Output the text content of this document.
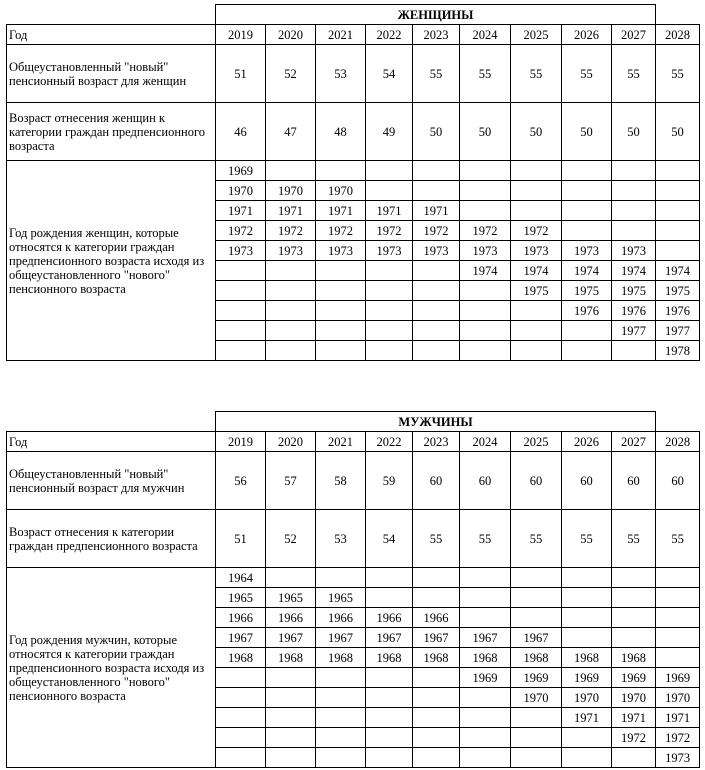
	ЖЕНЩИНЫ									
Год	2019	2020	2021	2022	2023	2024	2025	2026	2027	2028
Общеустановленный "новый" пенсионный возраст для женщин	51	52	53	54	55	55	55	55	55	55
Возраст отнесения женщин к категории граждан предпенсионного возраста	46	47	48	49	50	50	50	50	50	50
Год рождения женщин, которые относятся к категории граждан предпенсионного возраста исходя из общеустановленного "нового" пенсионного возраста	1969									
	1970	1970	1970							
	1971	1971	1971	1971	1971					
	1972	1972	1972	1972	1972	1972	1972			
	1973	1973	1973	1973	1973	1973	1973	1973	1973	
						1974	1974	1974	1974	1974
							1975	1975	1975	1975
								1976	1976	1976
									1977	1977
										1978
	МУЖЧИНЫ									
Год	2019	2020	2021	2022	2023	2024	2025	2026	2027	2028
Общеустановленный "новый" пенсионный возраст для мужчин	56	57	58	59	60	60	60	60	60	60
Возраст отнесения к категории граждан предпенсионного возраста	51	52	53	54	55	55	55	55	55	55
Год рождения мужчин, которые относятся к категории граждан предпенсионного возраста исходя из общеустановленного "нового" пенсионного возраста	1964									
	1965	1965	1965							
	1966	1966	1966	1966	1966					
	1967	1967	1967	1967	1967	1967	1967			
	1968	1968	1968	1968	1968	1968	1968	1968	1968	
						1969	1969	1969	1969	1969
							1970	1970	1970	1970
								1971	1971	1971
									1972	1972
										1973
